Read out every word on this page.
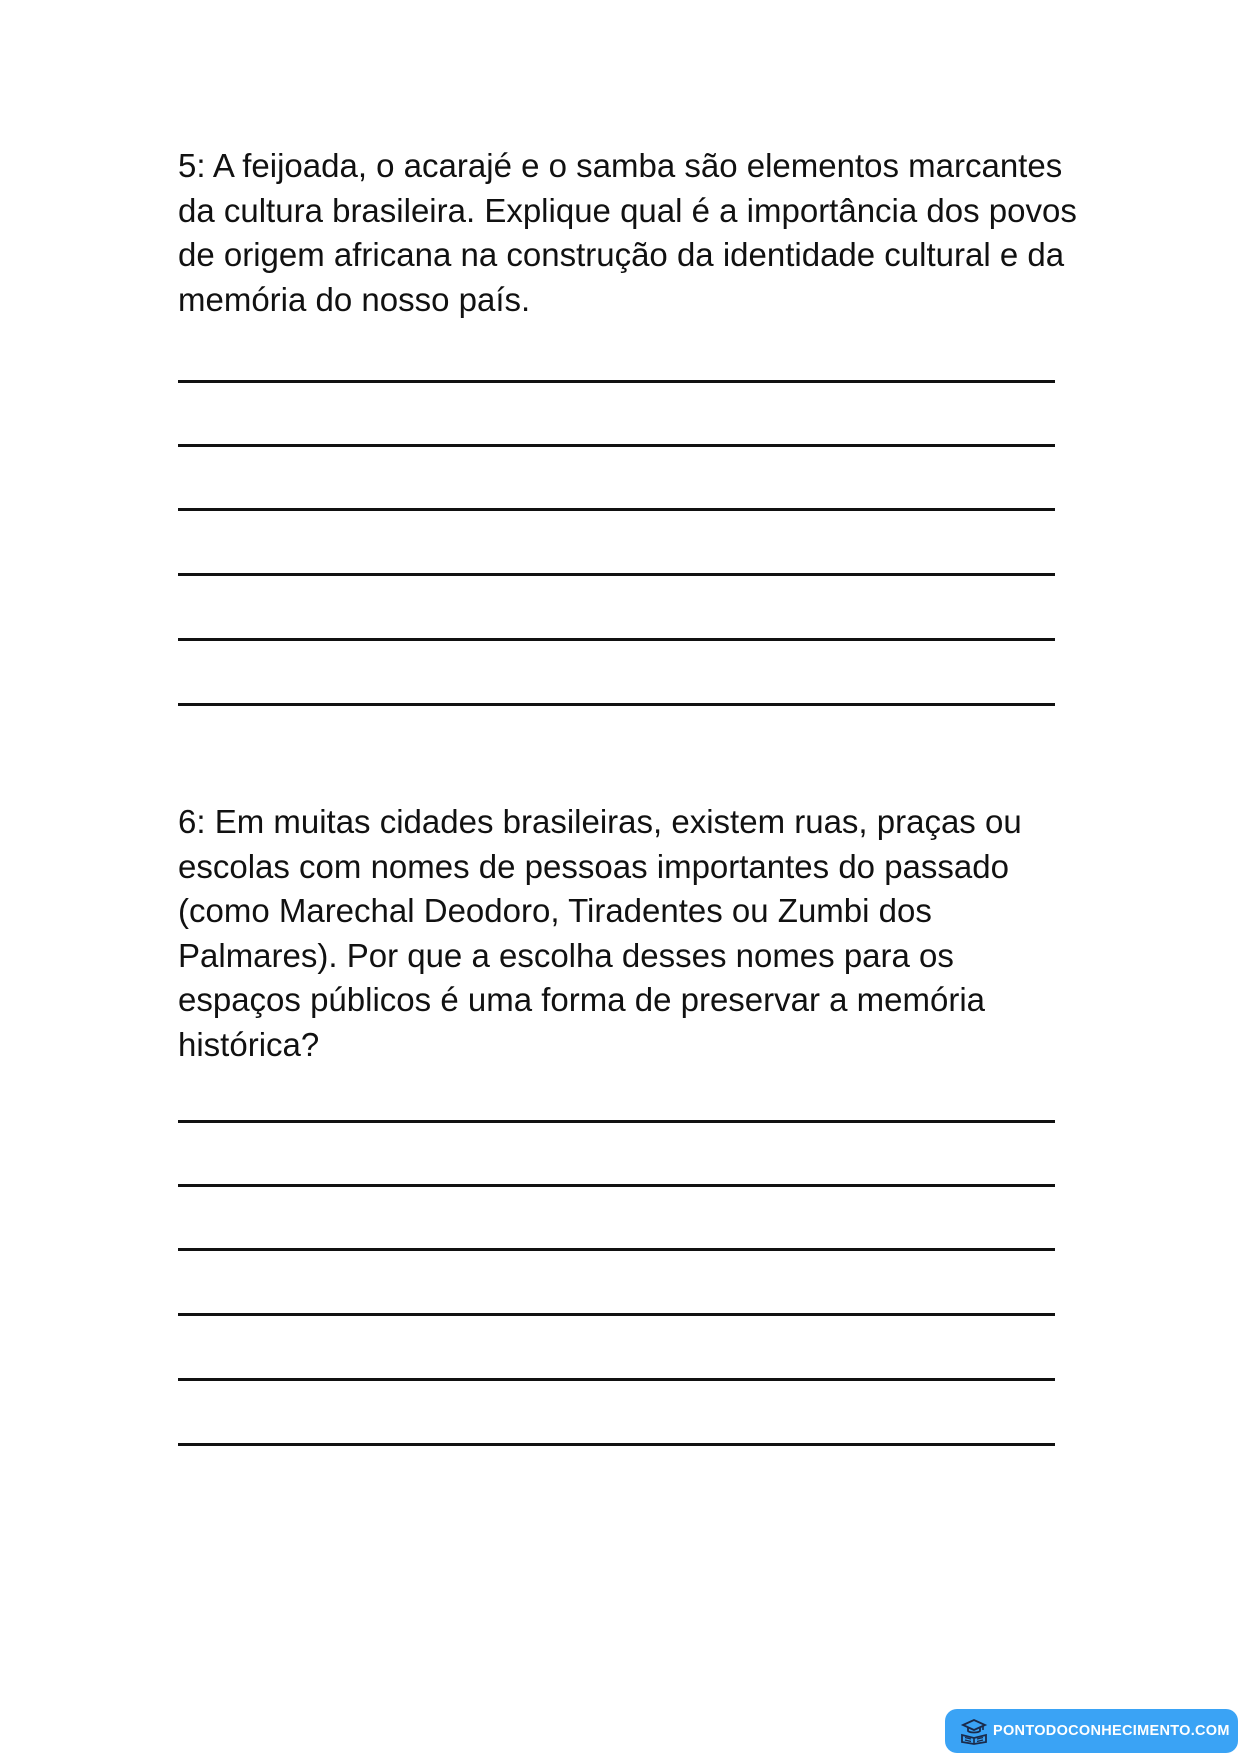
5: A feijoada, o acarajé e o samba são elementos marcantes da cultura brasileira. Explique qual é a importância dos povos de origem africana na construção da identidade cultural e da memória do nosso país.

6: Em muitas cidades brasileiras, existem ruas, praças ou escolas com nomes de pessoas importantes do passado (como Marechal Deodoro, Tiradentes ou Zumbi dos Palmares). Por que a escolha desses nomes para os espaços públicos é uma forma de preservar a memória histórica?

PONTODOCONHECIMENTO.COM
